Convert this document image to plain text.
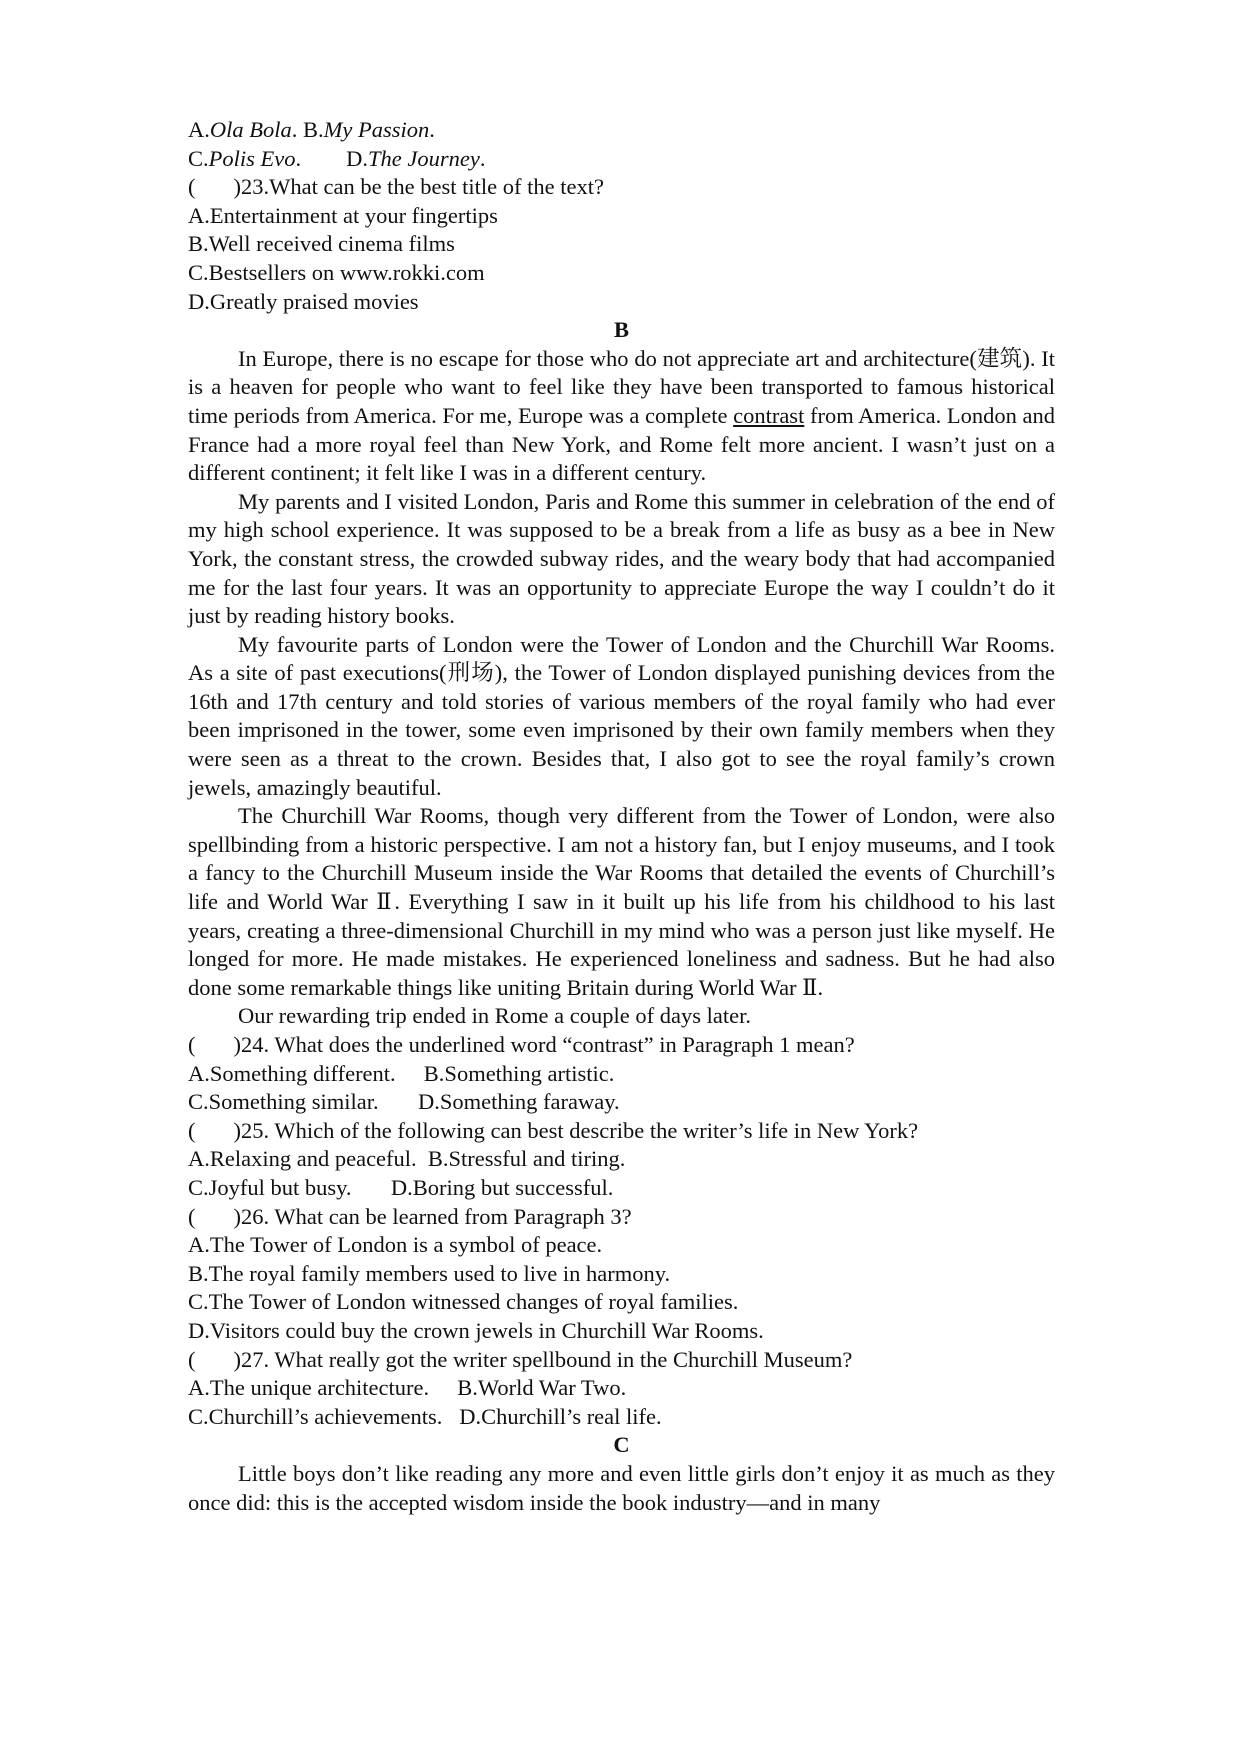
A.Ola Bola. B.My Passion.
C.Polis Evo. D.The Journey.

( )23.What can be the best title of the text?

A.Entertainment at your fingertips

B.Well received cinema films

C.Bestsellers on www.rokki.com

D.Greatly praised movies

B

In Europe, there is no escape for those who do not appreciate art and architecture(建筑). It is a heaven for people who want to feel like they have been transported to famous historical time periods from America. For me, Europe was a complete contrast from America. London and France had a more royal feel than New York, and Rome felt more ancient. I wasn’t just on a different continent; it felt like I was in a different century.

My parents and I visited London, Paris and Rome this summer in celebration of the end of my high school experience. It was supposed to be a break from a life as busy as a bee in New York, the constant stress, the crowded subway rides, and the weary body that had accompanied me for the last four years. It was an opportunity to appreciate Europe the way I couldn’t do it just by reading history books.

My favourite parts of London were the Tower of London and the Churchill War Rooms. As a site of past executions(刑场), the Tower of London displayed punishing devices from the 16th and 17th century and told stories of various members of the royal family who had ever been imprisoned in the tower, some even imprisoned by their own family members when they were seen as a threat to the crown. Besides that, I also got to see the royal family’s crown jewels, amazingly beautiful.

The Churchill War Rooms, though very different from the Tower of London, were also spellbinding from a historic perspective. I am not a history fan, but I enjoy museums, and I took a fancy to the Churchill Museum inside the War Rooms that detailed the events of Churchill’s life and World War Ⅱ. Everything I saw in it built up his life from his childhood to his last years, creating a three-dimensional Churchill in my mind who was a person just like myself. He longed for more. He made mistakes. He experienced loneliness and sadness. But he had also done some remarkable things like uniting Britain during World War Ⅱ.

Our rewarding trip ended in Rome a couple of days later.

( )24. What does the underlined word “contrast” in Paragraph 1 mean?

A.Something different.     B.Something artistic.

C.Something similar.       D.Something faraway.

( )25. Which of the following can best describe the writer’s life in New York?

A.Relaxing and peaceful.  B.Stressful and tiring.

C.Joyful but busy.       D.Boring but successful.

( )26. What can be learned from Paragraph 3?

A.The Tower of London is a symbol of peace.

B.The royal family members used to live in harmony.

C.The Tower of London witnessed changes of royal families.

D.Visitors could buy the crown jewels in Churchill War Rooms.

( )27. What really got the writer spellbound in the Churchill Museum?

A.The unique architecture.     B.World War Two.

C.Churchill’s achievements.   D.Churchill’s real life.

C

Little boys don’t like reading any more and even little girls don’t enjoy it as much as they once did: this is the accepted wisdom inside the book industry—and in many
